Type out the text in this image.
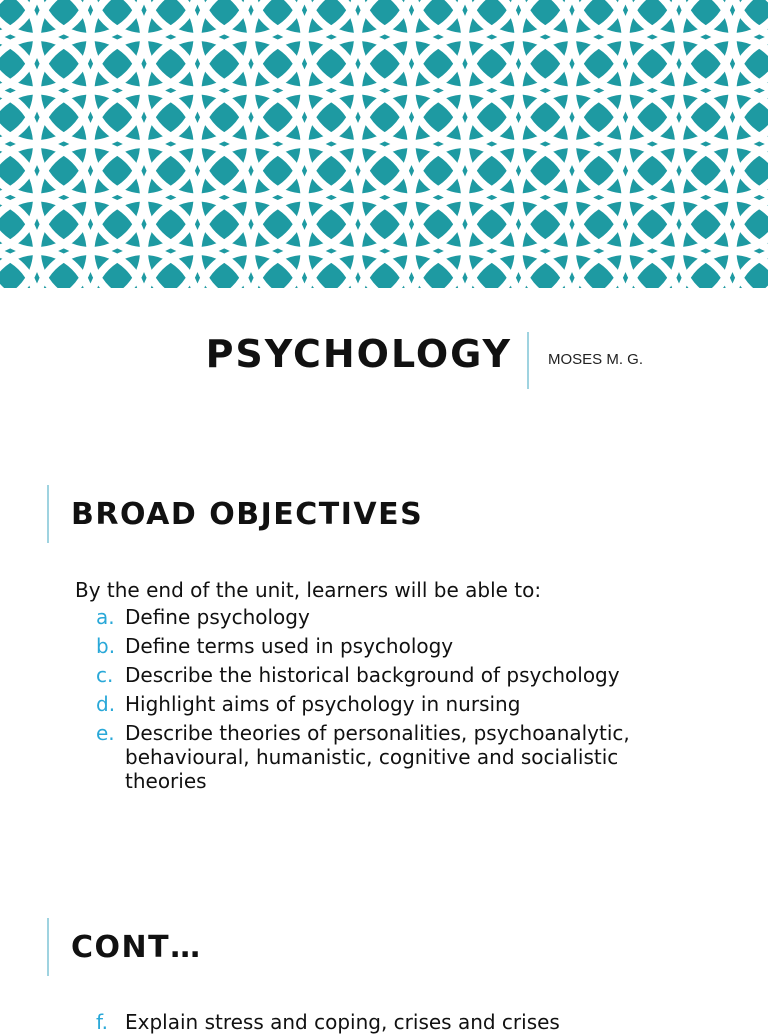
PSYCHOLOGY MOSES M. G.
BROAD OBJECTIVES
By the end of the unit, learners will be able to:
a. Define psychology
b. Define terms used in psychology
c. Describe the historical background of psychology
d. Highlight aims of psychology in nursing
e. Describe theories of personalities, psychoanalytic, behavioural, humanistic, cognitive and socialistic theories
CONT…
f. Explain stress and coping, crises and crises
